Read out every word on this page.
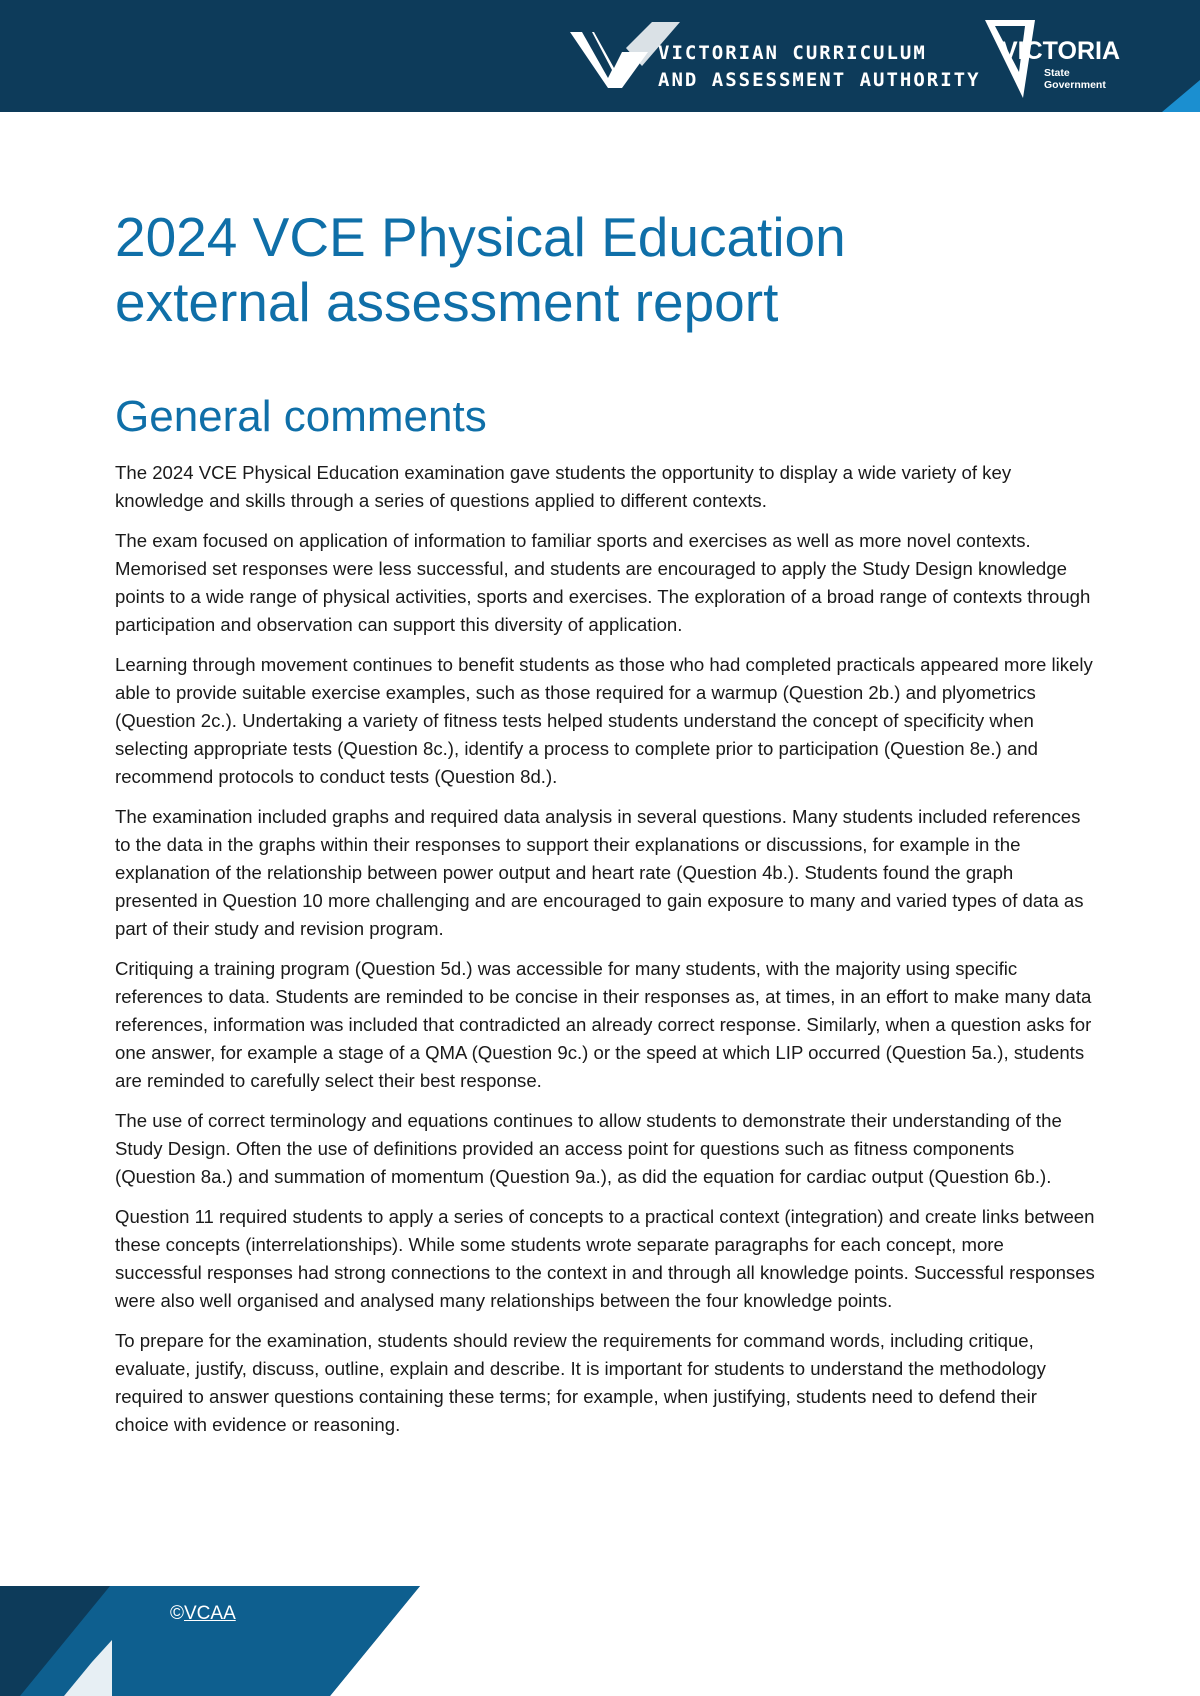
VICTORIAN CURRICULUM
AND ASSESSMENT AUTHORITY
VICTORIA
State
Government
2024 VCE Physical Education
external assessment report
General comments

The 2024 VCE Physical Education examination gave students the opportunity to display a wide variety of key knowledge and skills through a series of questions applied to different contexts.

The exam focused on application of information to familiar sports and exercises as well as more novel contexts. Memorised set responses were less successful, and students are encouraged to apply the Study Design knowledge points to a wide range of physical activities, sports and exercises. The exploration of a broad range of contexts through participation and observation can support this diversity of application.

Learning through movement continues to benefit students as those who had completed practicals appeared more likely able to provide suitable exercise examples, such as those required for a warmup (Question 2b.) and plyometrics (Question 2c.). Undertaking a variety of fitness tests helped students understand the concept of specificity when selecting appropriate tests (Question 8c.), identify a process to complete prior to participation (Question 8e.) and recommend protocols to conduct tests (Question 8d.).

The examination included graphs and required data analysis in several questions. Many students included references to the data in the graphs within their responses to support their explanations or discussions, for example in the explanation of the relationship between power output and heart rate (Question 4b.). Students found the graph presented in Question 10 more challenging and are encouraged to gain exposure to many and varied types of data as part of their study and revision program.

Critiquing a training program (Question 5d.) was accessible for many students, with the majority using specific references to data. Students are reminded to be concise in their responses as, at times, in an effort to make many data references, information was included that contradicted an already correct response. Similarly, when a question asks for one answer, for example a stage of a QMA (Question 9c.) or the speed at which LIP occurred (Question 5a.), students are reminded to carefully select their best response.

The use of correct terminology and equations continues to allow students to demonstrate their understanding of the Study Design. Often the use of definitions provided an access point for questions such as fitness components (Question 8a.) and summation of momentum (Question 9a.), as did the equation for cardiac output (Question 6b.).

Question 11 required students to apply a series of concepts to a practical context (integration) and create links between these concepts (interrelationships). While some students wrote separate paragraphs for each concept, more successful responses had strong connections to the context in and through all knowledge points. Successful responses were also well organised and analysed many relationships between the four knowledge points.

To prepare for the examination, students should review the requirements for command words, including critique, evaluate, justify, discuss, outline, explain and describe. It is important for students to understand the methodology required to answer questions containing these terms; for example, when justifying, students need to defend their choice with evidence or reasoning.

©VCAA
